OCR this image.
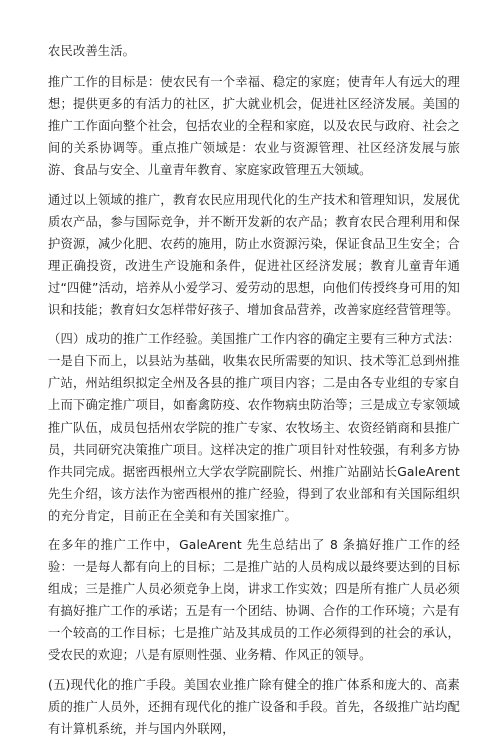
农民改善生活。

推广工作的目标是：使农民有一个幸福、稳定的家庭；使青年人有远大的理想；提供更多的有活力的社区，扩大就业机会，促进社区经济发展。美国的推广工作面向整个社会，包括农业的全程和家庭，以及农民与政府、社会之间的关系协调等。重点推广领域是：农业与资源管理、社区经济发展与旅游、食品与安全、儿童青年教育、家庭家政管理五大领域。

通过以上领域的推广，教育农民应用现代化的生产技术和管理知识，发展优质农产品，参与国际竞争，并不断开发新的农产品；教育农民合理利用和保护资源，减少化肥、农药的施用，防止水资源污染，保证食品卫生安全；合理正确投资，改进生产设施和条件，促进社区经济发展；教育儿童青年通过“四健”活动，培养从小爱学习、爱劳动的思想，向他们传授终身可用的知识和技能；教育妇女怎样带好孩子、增加食品营养，改善家庭经营管理等。

（四）成功的推广工作经验。美国推广工作内容的确定主要有三种方式法：一是自下而上，以县站为基础，收集农民所需要的知识、技术等汇总到州推广站，州站组织拟定全州及各县的推广项目内容；二是由各专业组的专家自上而下确定推广项目，如畜禽防疫、农作物病虫防治等；三是成立专家领域推广队伍，成员包括州农学院的推广专家、农牧场主、农资经销商和县推广员，共同研究决策推广项目。这样决定的推广项目针对性较强，有利多方协作共同完成。据密西根州立大学农学院副院长、州推广站副站长GaleArent先生介绍，该方法作为密西根州的推广经验，得到了农业部和有关国际组织的充分肯定，目前正在全美和有关国家推广。

在多年的推广工作中，GaleArent 先生总结出了 8 条搞好推广工作的经验：一是每人都有向上的目标；二是推广站的人员构成以最终要达到的目标组成；三是推广人员必须竞争上岗，讲求工作实效；四是所有推广人员必须有搞好推广工作的承诺；五是有一个团结、协调、合作的工作环境；六是有一个较高的工作目标；七是推广站及其成员的工作必须得到的社会的承认，受农民的欢迎；八是有原则性强、业务精、作风正的领导。

(五)现代化的推广手段。美国农业推广除有健全的推广体系和庞大的、高素质的推广人员外，还拥有现代化的推广设备和手段。首先，各级推广站均配有计算机系统，并与国内外联网，
